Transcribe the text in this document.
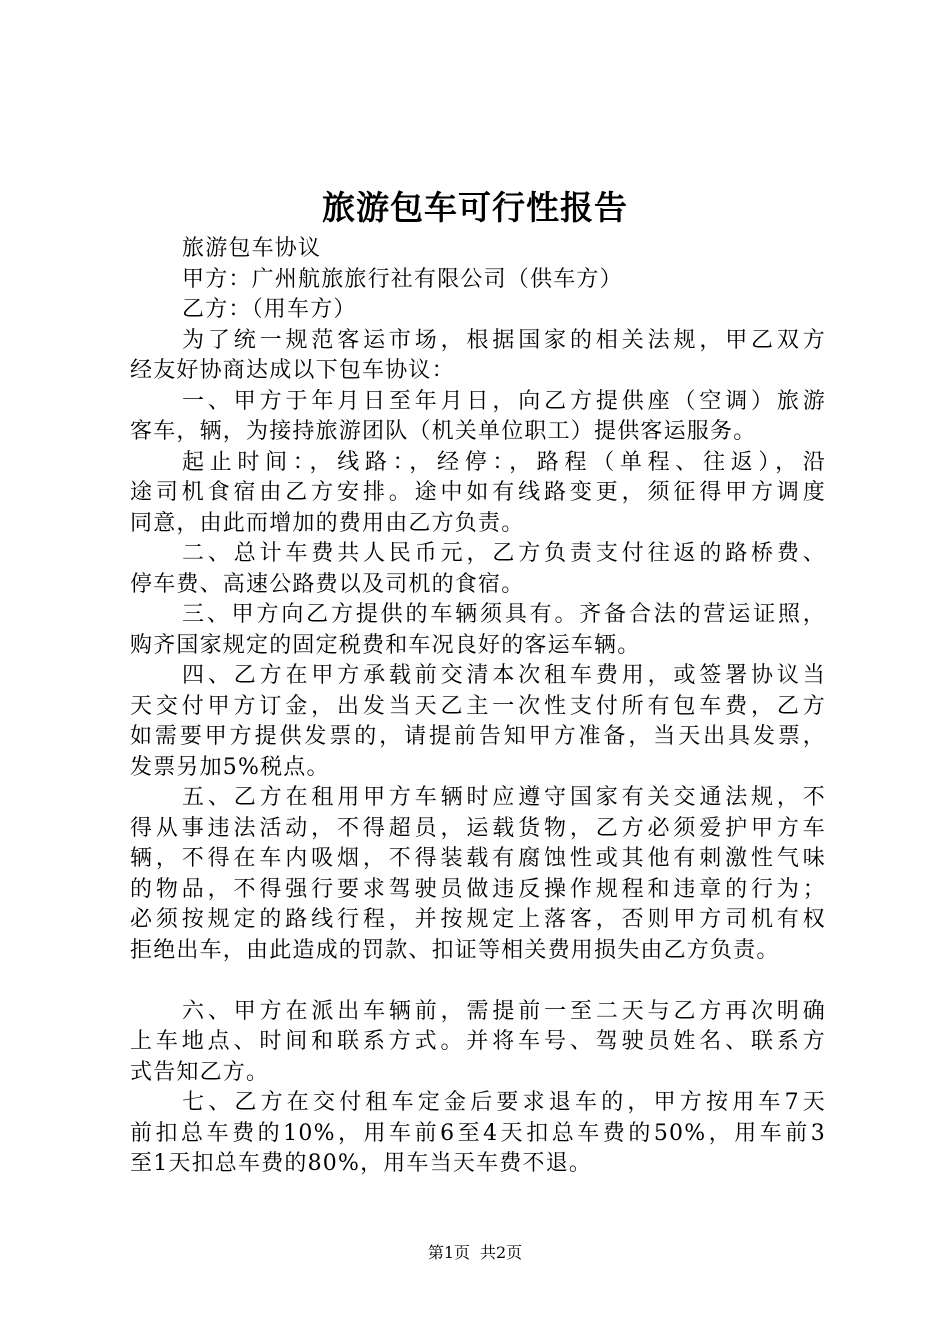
旅游包车可行性报告
旅游包车协议
甲方：广州航旅旅行社有限公司（供车方）
乙方：（用车方）
为了统一规范客运市场，根据国家的相关法规，甲乙双方
经友好协商达成以下包车协议：
一、甲方于年月日至年月日，向乙方提供座（空调）旅游
客车，辆，为接持旅游团队（机关单位职工）提供客运服务。
起止时间：，线路：，经停：，路程（单程、往返），沿
途司机食宿由乙方安排。途中如有线路变更，须征得甲方调度
同意，由此而增加的费用由乙方负责。
二、总计车费共人民币元，乙方负责支付往返的路桥费、
停车费、高速公路费以及司机的食宿。
三、甲方向乙方提供的车辆须具有。齐备合法的营运证照，
购齐国家规定的固定税费和车况良好的客运车辆。
四、乙方在甲方承载前交清本次租车费用，或签署协议当
天交付甲方订金，出发当天乙主一次性支付所有包车费，乙方
如需要甲方提供发票的，请提前告知甲方准备，当天出具发票，
发票另加5%税点。
五、乙方在租用甲方车辆时应遵守国家有关交通法规，不
得从事违法活动，不得超员，运载货物，乙方必须爱护甲方车
辆，不得在车内吸烟，不得装载有腐蚀性或其他有刺激性气味
的物品，不得强行要求驾驶员做违反操作规程和违章的行为；
必须按规定的路线行程，并按规定上落客，否则甲方司机有权
拒绝出车，由此造成的罚款、扣证等相关费用损失由乙方负责。
六、甲方在派出车辆前，需提前一至二天与乙方再次明确
上车地点、时间和联系方式。并将车号、驾驶员姓名、联系方
式告知乙方。
七、乙方在交付租车定金后要求退车的，甲方按用车7天
前扣总车费的10%，用车前6至4天扣总车费的50%，用车前3
至1天扣总车费的80%，用车当天车费不退。
第1页 共2页
